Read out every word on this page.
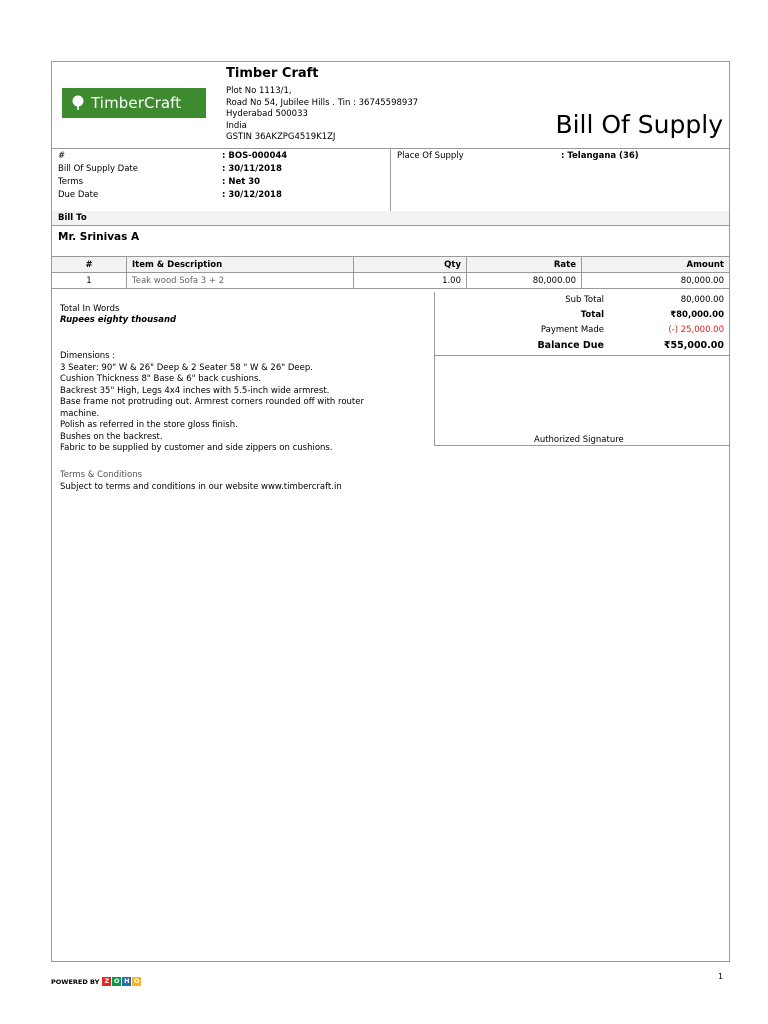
TimberCraft
Timber Craft
Plot No 1113/1,
Road No 54, Jubilee Hills . Tin : 36745598937
Hyderabad 500033
India
GSTIN 36AKZPG4519K1ZJ	Bill Of Supply
#	: BOS-000044
Bill Of Supply Date	: 30/11/2018
Terms	: Net 30
Due Date	: 30/12/2018
Place Of Supply	: Telangana (36)
Bill To
Mr. Srinivas A
#	Item & Description	Qty	Rate	Amount
1	Teak wood Sofa 3 + 2	1.00	80,000.00	80,000.00
Sub Total	80,000.00
Total	₹80,000.00
Payment Made	(-) 25,000.00
Balance Due	₹55,000.00
Authorized Signature
Total In Words
Rupees eighty thousand
Dimensions :
3 Seater: 90" W & 26" Deep & 2 Seater 58 " W & 26" Deep.
Cushion Thickness 8" Base & 6" back cushions.
Backrest 35" High, Legs 4x4 inches with 5.5-inch wide armrest.
Base frame not protruding out. Armrest corners rounded off with router
machine.
Polish as referred in the store gloss finish.
Bushes on the backrest.
Fabric to be supplied by customer and side zippers on cushions.
Terms & Conditions
Subject to terms and conditions in our website www.timbercraft.in
POWERED BY Z O H O	1
